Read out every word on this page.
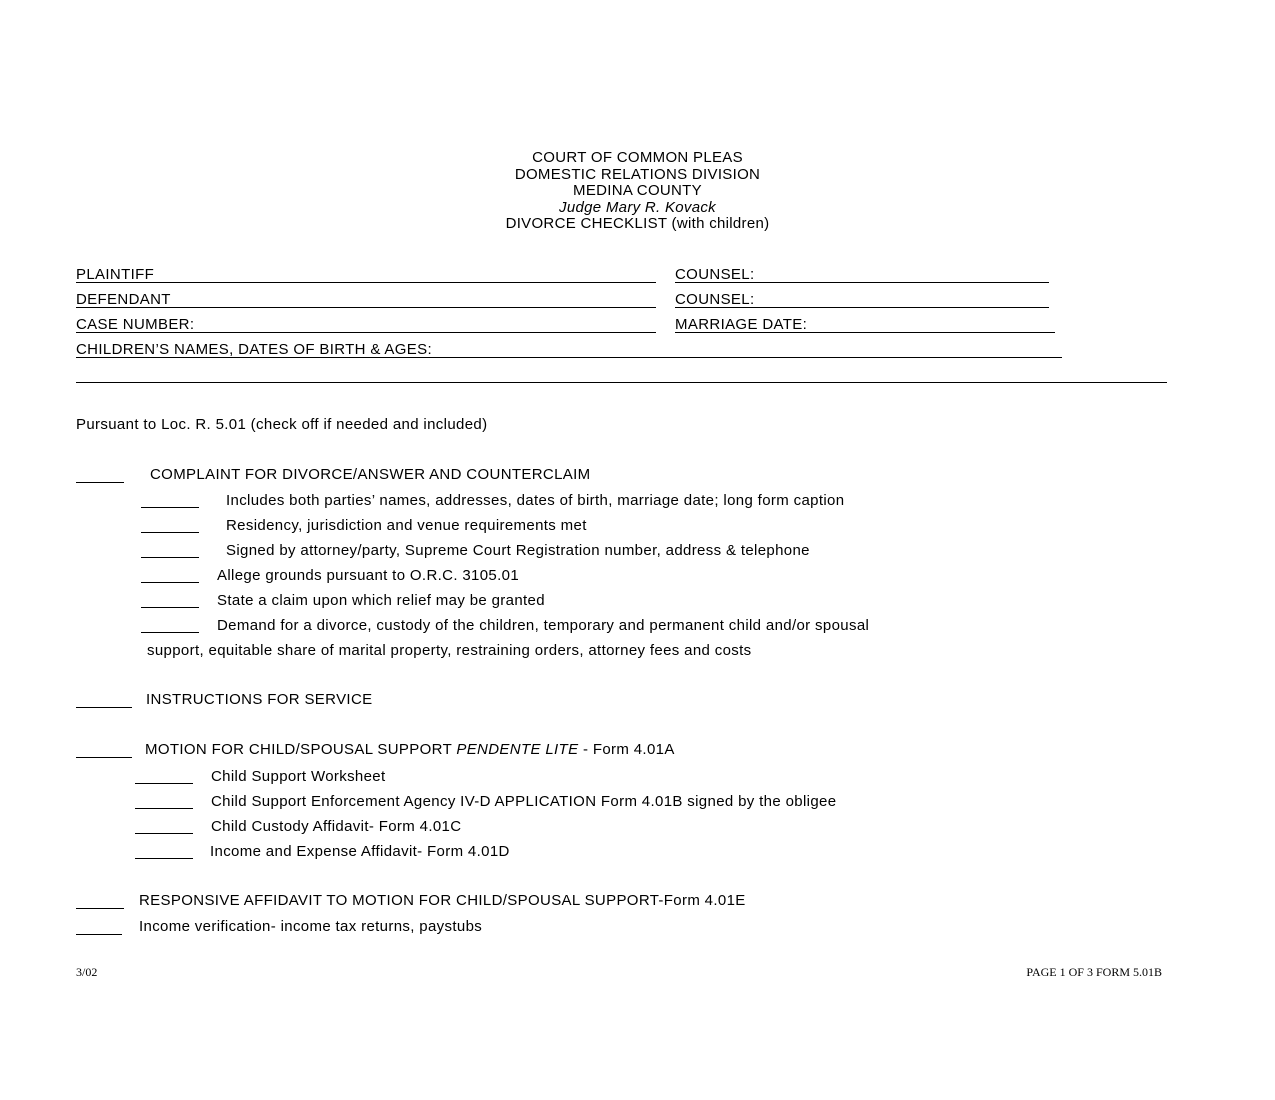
COURT OF COMMON PLEAS
DOMESTIC RELATIONS DIVISION
MEDINA COUNTY
Judge Mary R. Kovack
DIVORCE CHECKLIST (with children)
PLAINTIFF	COUNSEL:
DEFENDANT	COUNSEL:
CASE NUMBER:	MARRIAGE DATE:
CHILDREN’S NAMES, DATES OF BIRTH & AGES:
Pursuant to Loc. R. 5.01 (check off if needed and included)
COMPLAINT FOR DIVORCE/ANSWER AND COUNTERCLAIM
Includes both parties’ names, addresses, dates of birth, marriage date; long form caption
Residency, jurisdiction and venue requirements met
Signed by attorney/party, Supreme Court Registration number, address & telephone
Allege grounds pursuant to O.R.C. 3105.01
State a claim upon which relief may be granted
Demand for a divorce, custody of the children, temporary and permanent child and/or spousal
support, equitable share of marital property, restraining orders, attorney fees and costs
INSTRUCTIONS FOR SERVICE
MOTION FOR CHILD/SPOUSAL SUPPORT PENDENTE LITE - Form 4.01A
Child Support Worksheet
Child Support Enforcement Agency IV-D APPLICATION Form 4.01B signed by the obligee
Child Custody Affidavit- Form 4.01C
Income and Expense Affidavit- Form 4.01D
RESPONSIVE AFFIDAVIT TO MOTION FOR CHILD/SPOUSAL SUPPORT-Form 4.01E
Income verification- income tax returns, paystubs
3/02	PAGE 1 OF 3 FORM 5.01B
